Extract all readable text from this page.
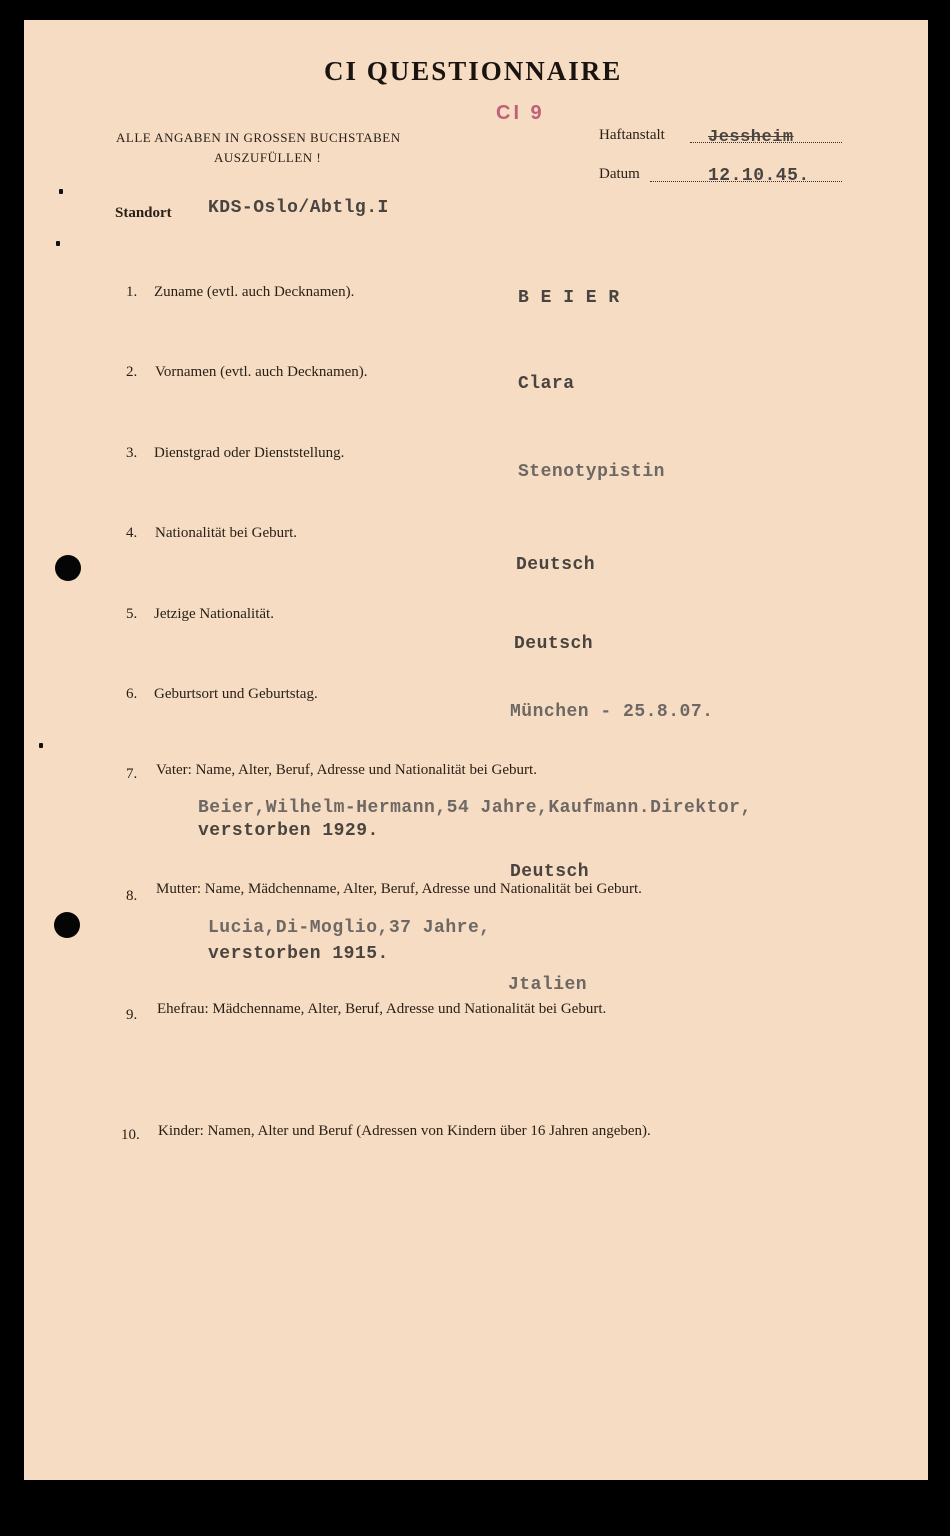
CI QUESTIONNAIRE
CI 9
ALLE ANGABEN IN GROSSEN BUCHSTABEN
AUSZUFÜLLEN !
Haftanstalt	Jessheim
Datum	12.10.45.
Standort KDS-Oslo/Abtlg.I
1. Zuname (evtl. auch Decknamen).	B E I E R
2. Vornamen (evtl. auch Decknamen).
Clara
3. Dienstgrad oder Dienststellung.
Stenotypistin
4. Nationalität bei Geburt.
Deutsch
5. Jetzige Nationalität.
Deutsch
6. Geburtsort und Geburtstag.
München - 25.8.07.
7. Vater: Name, Alter, Beruf, Adresse und Nationalität bei Geburt.
Beier,Wilhelm-Hermann,54 Jahre,Kaufmann.Direktor,
verstorben 1929.
Deutsch
8. Mutter: Name, Mädchenname, Alter, Beruf, Adresse und Nationalität bei Geburt.
Lucia,Di-Moglio,37 Jahre,
verstorben 1915.
Jtalien
9. Ehefrau: Mädchenname, Alter, Beruf, Adresse und Nationalität bei Geburt.
10. Kinder: Namen, Alter und Beruf (Adressen von Kindern über 16 Jahren angeben).
